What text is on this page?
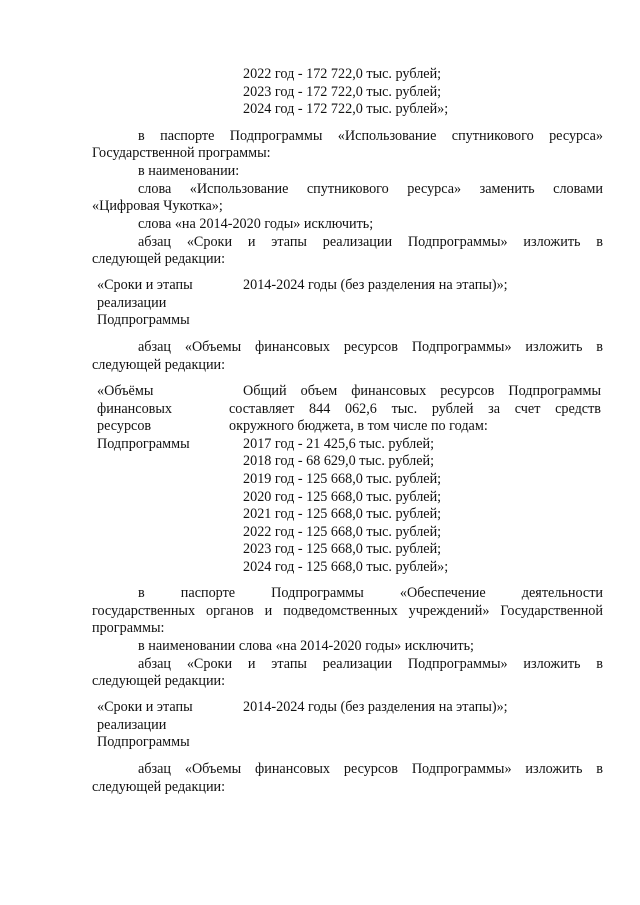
2022 год - 172 722,0 тыс. рублей;
2023 год - 172 722,0 тыс. рублей;
2024 год - 172 722,0 тыс. рублей»;
в паспорте Подпрограммы «Использование спутникового ресурса»
Государственной программы:
в наименовании:
слова «Использование спутникового ресурса» заменить словами
«Цифровая Чукотка»;
слова «на 2014-2020 годы» исключить;
абзац «Сроки и этапы реализации Подпрограммы» изложить в
следующей редакции:
«Сроки и этапы
реализации
Подпрограммы
2014-2024 годы (без разделения на этапы)»;
абзац «Объемы финансовых ресурсов Подпрограммы» изложить в
следующей редакции:
«Объёмы
финансовых
ресурсов
Подпрограммы
Общий объем финансовых ресурсов Подпрограммы
составляет 844 062,6 тыс. рублей за счет средств
окружного бюджета, в том числе по годам:
2017 год - 21 425,6 тыс. рублей;
2018 год - 68 629,0 тыс. рублей;
2019 год - 125 668,0 тыс. рублей;
2020 год - 125 668,0 тыс. рублей;
2021 год - 125 668,0 тыс. рублей;
2022 год - 125 668,0 тыс. рублей;
2023 год - 125 668,0 тыс. рублей;
2024 год - 125 668,0 тыс. рублей»;
в паспорте Подпрограммы «Обеспечение деятельности
государственных органов и подведомственных учреждений» Государственной
программы:
в наименовании слова «на 2014-2020 годы» исключить;
абзац «Сроки и этапы реализации Подпрограммы» изложить в
следующей редакции:
«Сроки и этапы
реализации
Подпрограммы
2014-2024 годы (без разделения на этапы)»;
абзац «Объемы финансовых ресурсов Подпрограммы» изложить в
следующей редакции:
